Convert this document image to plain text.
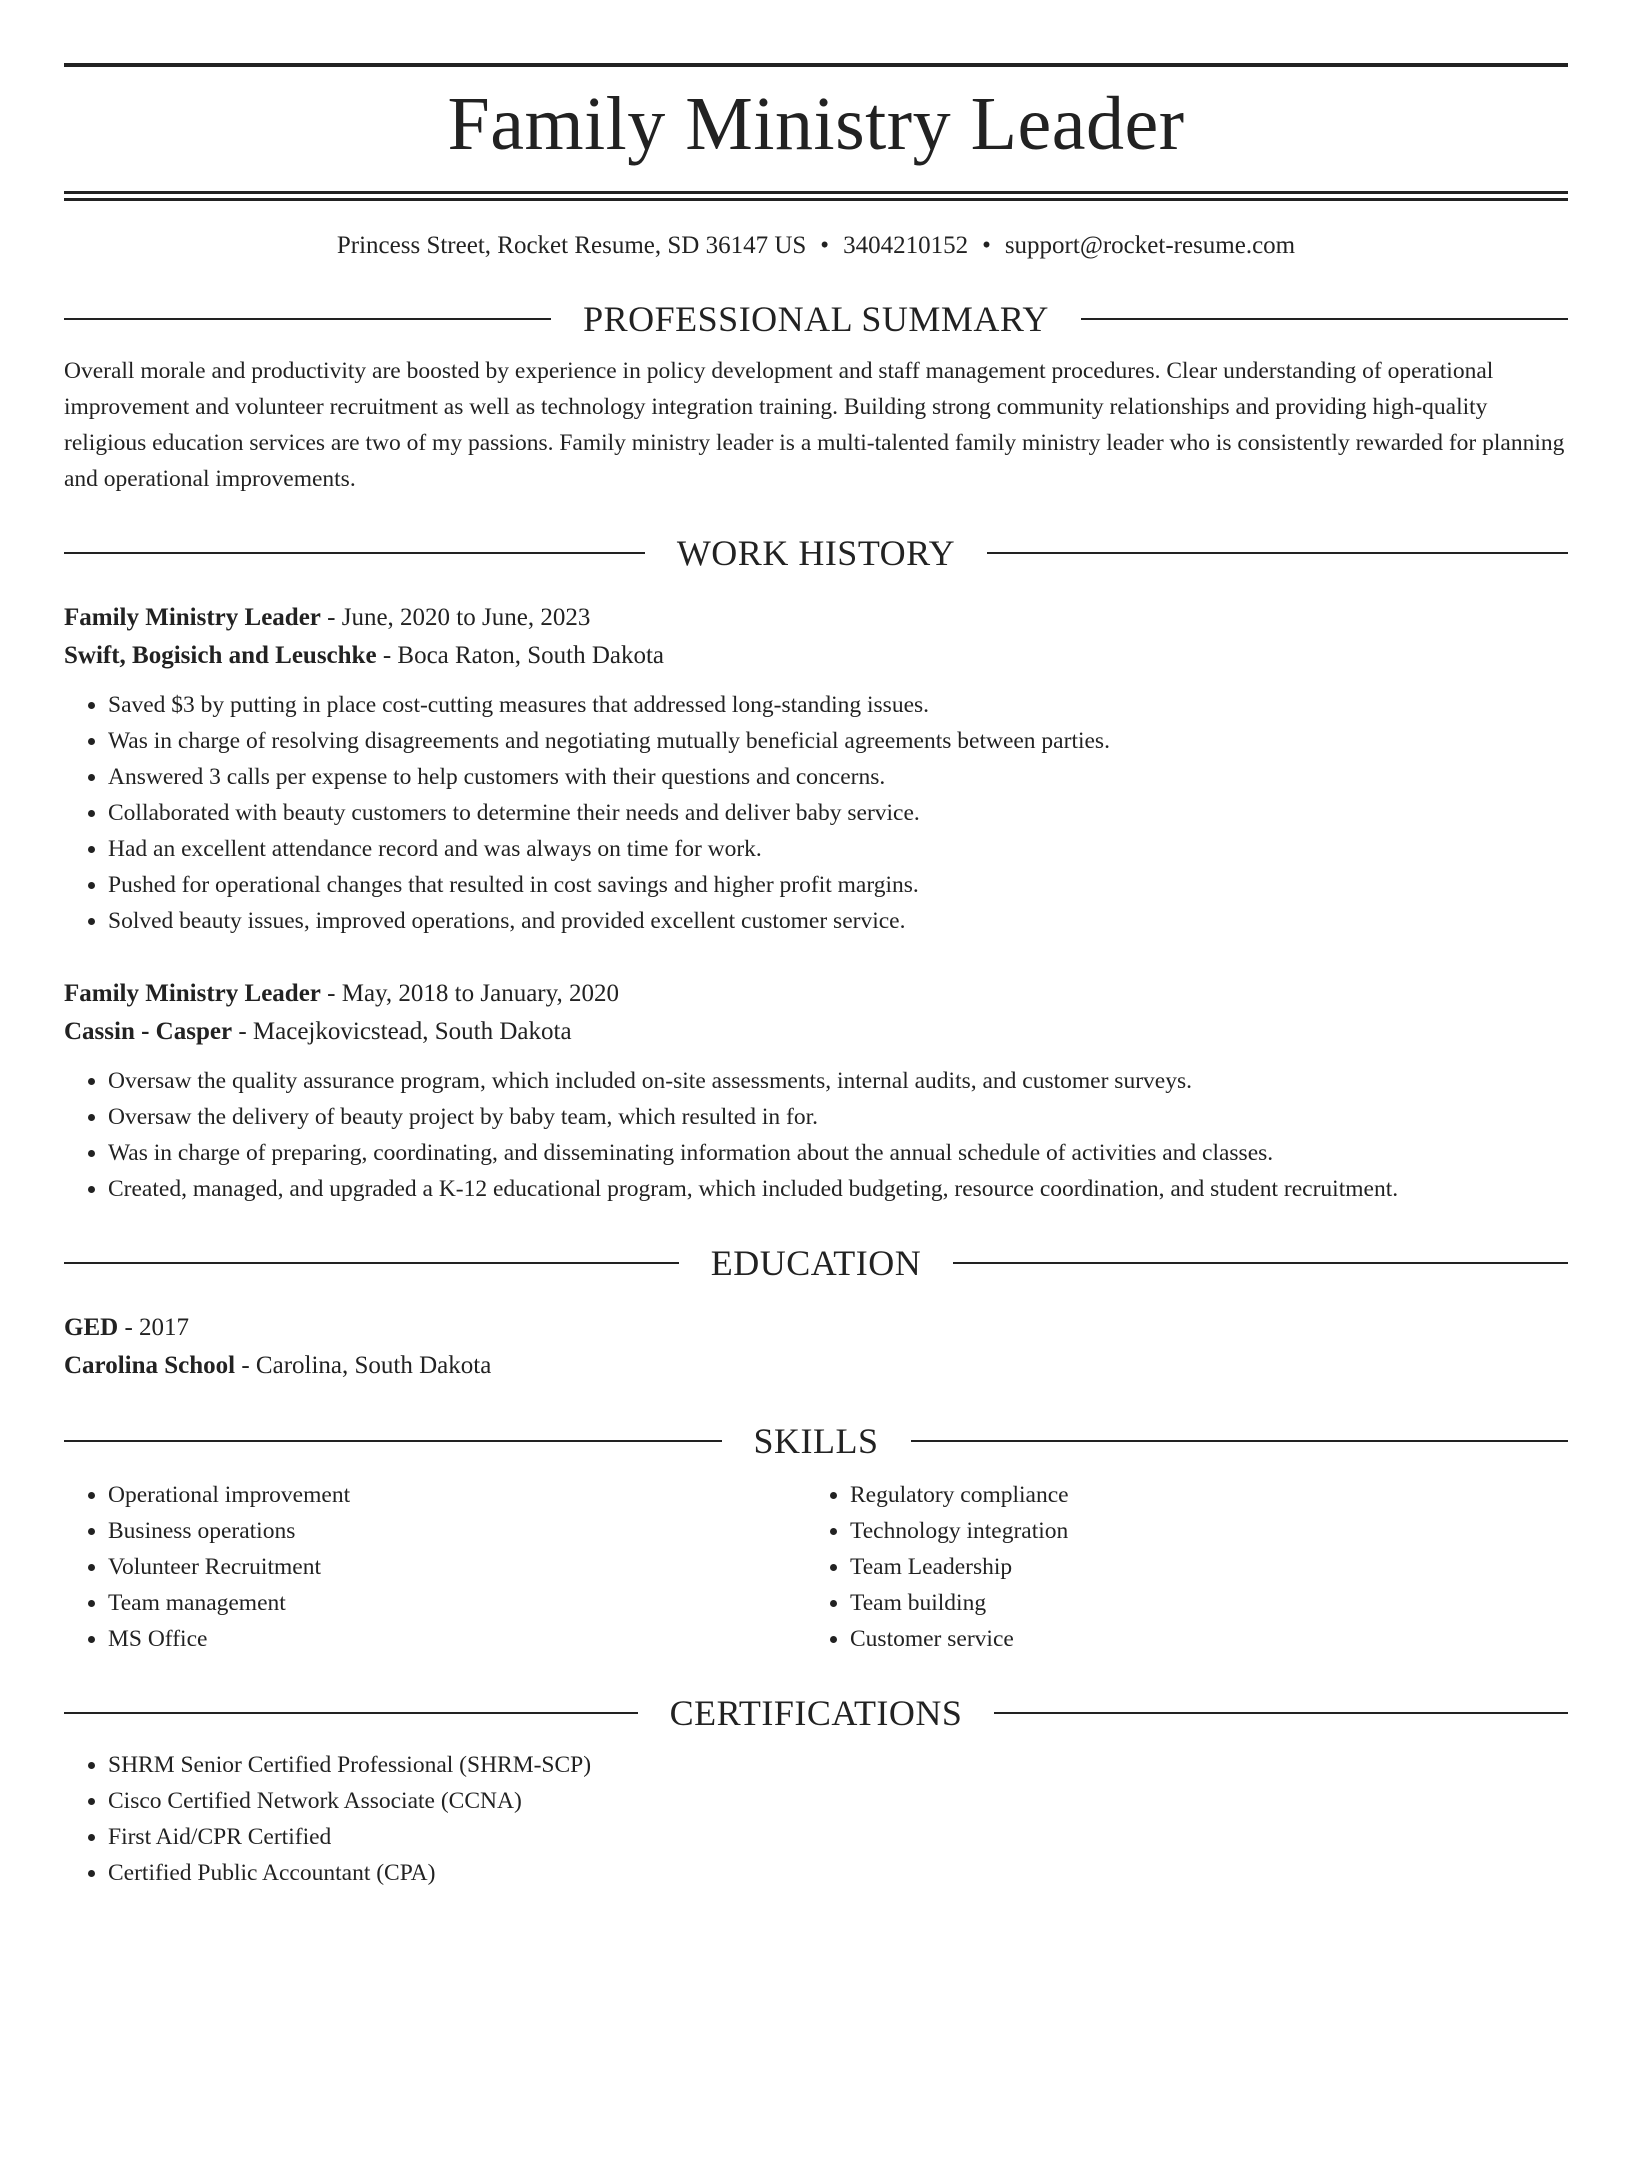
Family Ministry Leader
Princess Street, Rocket Resume, SD 36147 US • 3404210152 • support@rocket-resume.com
PROFESSIONAL SUMMARY
Overall morale and productivity are boosted by experience in policy development and staff management procedures. Clear understanding of operational improvement and volunteer recruitment as well as technology integration training. Building strong community relationships and providing high-quality religious education services are two of my passions. Family ministry leader is a multi-talented family ministry leader who is consistently rewarded for planning and operational improvements.
WORK HISTORY
Family Ministry Leader - June, 2020 to June, 2023
Swift, Bogisich and Leuschke - Boca Raton, South Dakota
• Saved $3 by putting in place cost-cutting measures that addressed long-standing issues.
• Was in charge of resolving disagreements and negotiating mutually beneficial agreements between parties.
• Answered 3 calls per expense to help customers with their questions and concerns.
• Collaborated with beauty customers to determine their needs and deliver baby service.
• Had an excellent attendance record and was always on time for work.
• Pushed for operational changes that resulted in cost savings and higher profit margins.
• Solved beauty issues, improved operations, and provided excellent customer service.
Family Ministry Leader - May, 2018 to January, 2020
Cassin - Casper - Macejkovicstead, South Dakota
• Oversaw the quality assurance program, which included on-site assessments, internal audits, and customer surveys.
• Oversaw the delivery of beauty project by baby team, which resulted in for.
• Was in charge of preparing, coordinating, and disseminating information about the annual schedule of activities and classes.
• Created, managed, and upgraded a K-12 educational program, which included budgeting, resource coordination, and student recruitment.
EDUCATION
GED - 2017
Carolina School - Carolina, South Dakota
SKILLS
• Operational improvement
• Business operations
• Volunteer Recruitment
• Team management
• MS Office
• Regulatory compliance
• Technology integration
• Team Leadership
• Team building
• Customer service
CERTIFICATIONS
• SHRM Senior Certified Professional (SHRM-SCP)
• Cisco Certified Network Associate (CCNA)
• First Aid/CPR Certified
• Certified Public Accountant (CPA)
